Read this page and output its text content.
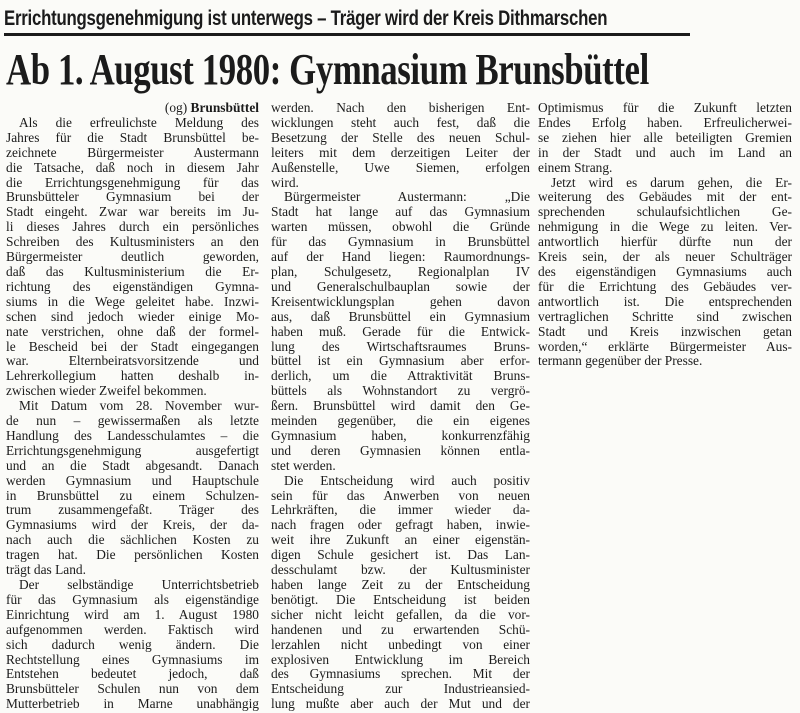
Errichtungsgenehmigung ist unterwegs – Träger wird der Kreis Dithmarschen
Ab 1. August 1980: Gymnasium Brunsbüttel
(og) Brunsbüttel
Als die erfreulichste Meldung des
Jahres für die Stadt Brunsbüttel be-
zeichnete Bürgermeister Austermann
die Tatsache, daß noch in diesem Jahr
die Errichtungsgenehmigung für das
Brunsbütteler Gymnasium bei der
Stadt eingeht. Zwar war bereits im Ju-
li dieses Jahres durch ein persönliches
Schreiben des Kultusministers an den
Bürgermeister deutlich geworden,
daß das Kultusministerium die Er-
richtung des eigenständigen Gymna-
siums in die Wege geleitet habe. Inzwi-
schen sind jedoch wieder einige Mo-
nate verstrichen, ohne daß der formel-
le Bescheid bei der Stadt eingegangen
war. Elternbeiratsvorsitzende und
Lehrerkollegium hatten deshalb in-
zwischen wieder Zweifel bekommen.
Mit Datum vom 28. November wur-
de nun – gewissermaßen als letzte
Handlung des Landesschulamtes – die
Errichtungsgenehmigung ausgefertigt
und an die Stadt abgesandt. Danach
werden Gymnasium und Hauptschule
in Brunsbüttel zu einem Schulzen-
trum zusammengefaßt. Träger des
Gymnasiums wird der Kreis, der da-
nach auch die sächlichen Kosten zu
tragen hat. Die persönlichen Kosten
trägt das Land.
Der selbständige Unterrichtsbetrieb
für das Gymnasium als eigenständige
Einrichtung wird am 1. August 1980
aufgenommen werden. Faktisch wird
sich dadurch wenig ändern. Die
Rechtstellung eines Gymnasiums im
Entstehen bedeutet jedoch, daß
Brunsbütteler Schulen nun von dem
Mutterbetrieb in Marne unabhängig
werden. Nach den bisherigen Ent-
wicklungen steht auch fest, daß die
Besetzung der Stelle des neuen Schul-
leiters mit dem derzeitigen Leiter der
Außenstelle, Uwe Siemen, erfolgen
wird.
Bürgermeister Austermann: „Die
Stadt hat lange auf das Gymnasium
warten müssen, obwohl die Gründe
für das Gymnasium in Brunsbüttel
auf der Hand liegen: Raumordnungs-
plan, Schulgesetz, Regionalplan IV
und Generalschulbauplan sowie der
Kreisentwicklungsplan gehen davon
aus, daß Brunsbüttel ein Gymnasium
haben muß. Gerade für die Entwick-
lung des Wirtschaftsraumes Bruns-
büttel ist ein Gymnasium aber erfor-
derlich, um die Attraktivität Bruns-
büttels als Wohnstandort zu vergrö-
ßern. Brunsbüttel wird damit den Ge-
meinden gegenüber, die ein eigenes
Gymnasium haben, konkurrenzfähig
und deren Gymnasien können entla-
stet werden.
Die Entscheidung wird auch positiv
sein für das Anwerben von neuen
Lehrkräften, die immer wieder da-
nach fragen oder gefragt haben, inwie-
weit ihre Zukunft an einer eigenstän-
digen Schule gesichert ist. Das Lan-
desschulamt bzw. der Kultusminister
haben lange Zeit zu der Entscheidung
benötigt. Die Entscheidung ist beiden
sicher nicht leicht gefallen, da die vor-
handenen und zu erwartenden Schü-
lerzahlen nicht unbedingt von einer
explosiven Entwicklung im Bereich
des Gymnasiums sprechen. Mit der
Entscheidung zur Industrieansied-
lung mußte aber auch der Mut und der
Optimismus für die Zukunft letzten
Endes Erfolg haben. Erfreulicherwei-
se ziehen hier alle beteiligten Gremien
in der Stadt und auch im Land an
einem Strang.
Jetzt wird es darum gehen, die Er-
weiterung des Gebäudes mit der ent-
sprechenden schulaufsichtlichen Ge-
nehmigung in die Wege zu leiten. Ver-
antwortlich hierfür dürfte nun der
Kreis sein, der als neuer Schulträger
des eigenständigen Gymnasiums auch
für die Errichtung des Gebäudes ver-
antwortlich ist. Die entsprechenden
vertraglichen Schritte sind zwischen
Stadt und Kreis inzwischen getan
worden,“ erklärte Bürgermeister Aus-
termann gegenüber der Presse.
